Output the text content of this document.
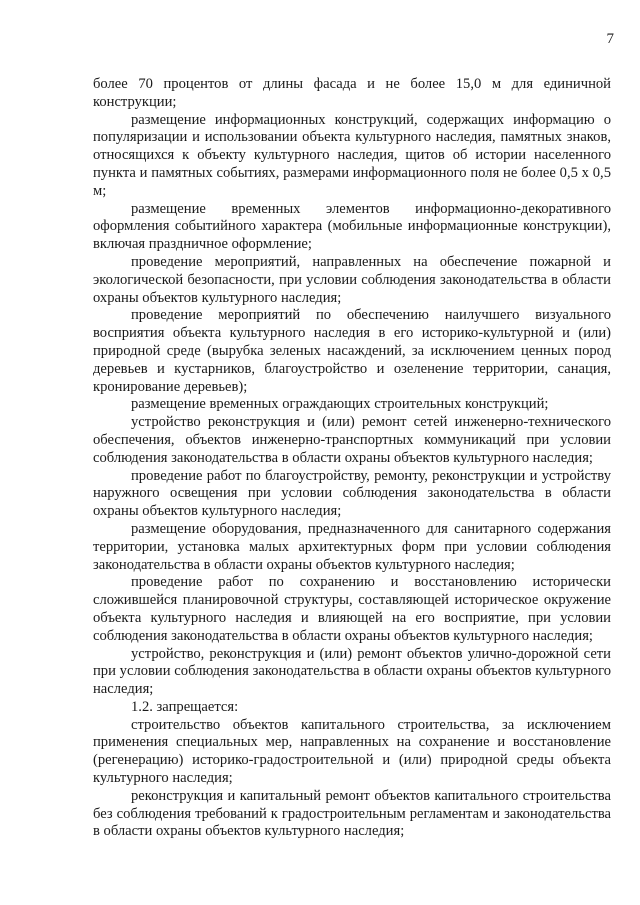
7

более 70 процентов от длины фасада и не более 15,0 м для единичной конструкции;

размещение информационных конструкций, содержащих информацию о популяризации и использовании объекта культурного наследия, памятных знаков, относящихся к объекту культурного наследия, щитов об истории населенного пункта и памятных событиях, размерами информационного поля не более 0,5 х 0,5 м;

размещение временных элементов информационно-декоративного оформления событийного характера (мобильные информационные конструкции), включая праздничное оформление;

проведение мероприятий, направленных на обеспечение пожарной и экологической безопасности, при условии соблюдения законодательства в области охраны объектов культурного наследия;

проведение мероприятий по обеспечению наилучшего визуального восприятия объекта культурного наследия в его историко-культурной и (или) природной среде (вырубка зеленых насаждений, за исключением ценных пород деревьев и кустарников, благоустройство и озеленение территории, санация, кронирование деревьев);

размещение временных ограждающих строительных конструкций;

устройство реконструкция и (или) ремонт сетей инженерно-технического обеспечения, объектов инженерно-транспортных коммуникаций при условии соблюдения законодательства в области охраны объектов культурного наследия;

проведение работ по благоустройству, ремонту, реконструкции и устройству наружного освещения при условии соблюдения законодательства в области охраны объектов культурного наследия;

размещение оборудования, предназначенного для санитарного содержания территории, установка малых архитектурных форм при условии соблюдения законодательства в области охраны объектов культурного наследия;

проведение работ по сохранению и восстановлению исторически сложившейся планировочной структуры, составляющей историческое окружение объекта культурного наследия и влияющей на его восприятие, при условии соблюдения законодательства в области охраны объектов культурного наследия;

устройство, реконструкция и (или) ремонт объектов улично-дорожной сети при условии соблюдения законодательства в области охраны объектов культурного наследия;

1.2. запрещается:

строительство объектов капитального строительства, за исключением применения специальных мер, направленных на сохранение и восстановление (регенерацию) историко-градостроительной и (или) природной среды объекта культурного наследия;

реконструкция и капитальный ремонт объектов капитального строительства без соблюдения требований к градостроительным регламентам и законодательства в области охраны объектов культурного наследия;
